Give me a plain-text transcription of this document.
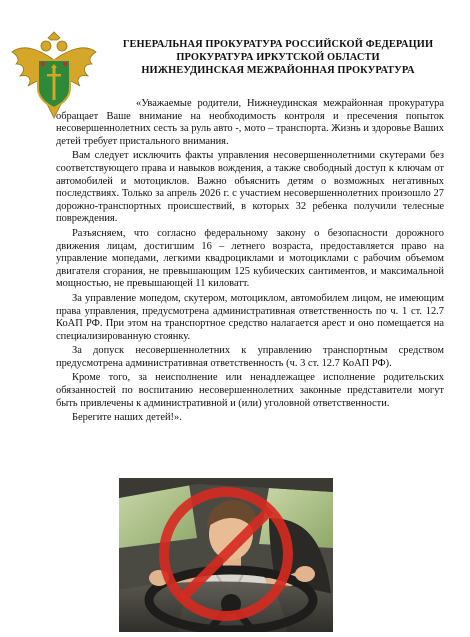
ГЕНЕРАЛЬНАЯ ПРОКУРАТУРА РОССИЙСКОЙ ФЕДЕРАЦИИ
ПРОКУРАТУРА ИРКУТСКОЙ ОБЛАСТИ
НИЖНЕУДИНСКАЯ МЕЖРАЙОННАЯ ПРОКУРАТУРА

«Уважаемые родители, Нижнеудинская межрайонная прокуратура обращает Ваше внимание на необходимость контроля и пресечения попыток несовершеннолетних сесть за руль авто -, мото – транспорта. Жизнь и здоровье Ваших детей требует пристального внимания.

Вам следует исключить факты управления несовершеннолетними скутерами без соответствующего права и навыков вождения, а также свободный доступ к ключам от автомобилей и мотоциклов. Важно объяснить детям о возможных негативных последствиях. Только за апрель 2026 г. с участием несовершеннолетних произошло 27 дорожно-транспортных происшествий, в которых 32 ребенка получили телесные повреждения.

Разъясняем, что согласно федеральному закону о безопасности дорожного движения лицам, достигшим 16 – летнего возраста, предоставляется право на управление мопедами, легкими квадроциклами и мотоциклами с рабочим объемом двигателя сгорания, не превышающим 125 кубических сантиментов, и максимальной мощностью, не превышающей 11 киловатт.

За управление мопедом, скутером, мотоциклом, автомобилем лицом, не имеющим права управления, предусмотрена административная ответственность по ч. 1 ст. 12.7 КоАП РФ. При этом на транспортное средство налагается арест и оно помещается на специализированную стоянку.

За допуск несовершеннолетних к управлению транспортным средством предусмотрена административная ответственность (ч. 3 ст. 12.7 КоАП РФ).

Кроме того, за неисполнение или ненадлежащее исполнение родительских обязанностей по воспитанию несовершеннолетних законные представители могут быть привлечены к административной и (или) уголовной ответственности.

Берегите наших детей!».
